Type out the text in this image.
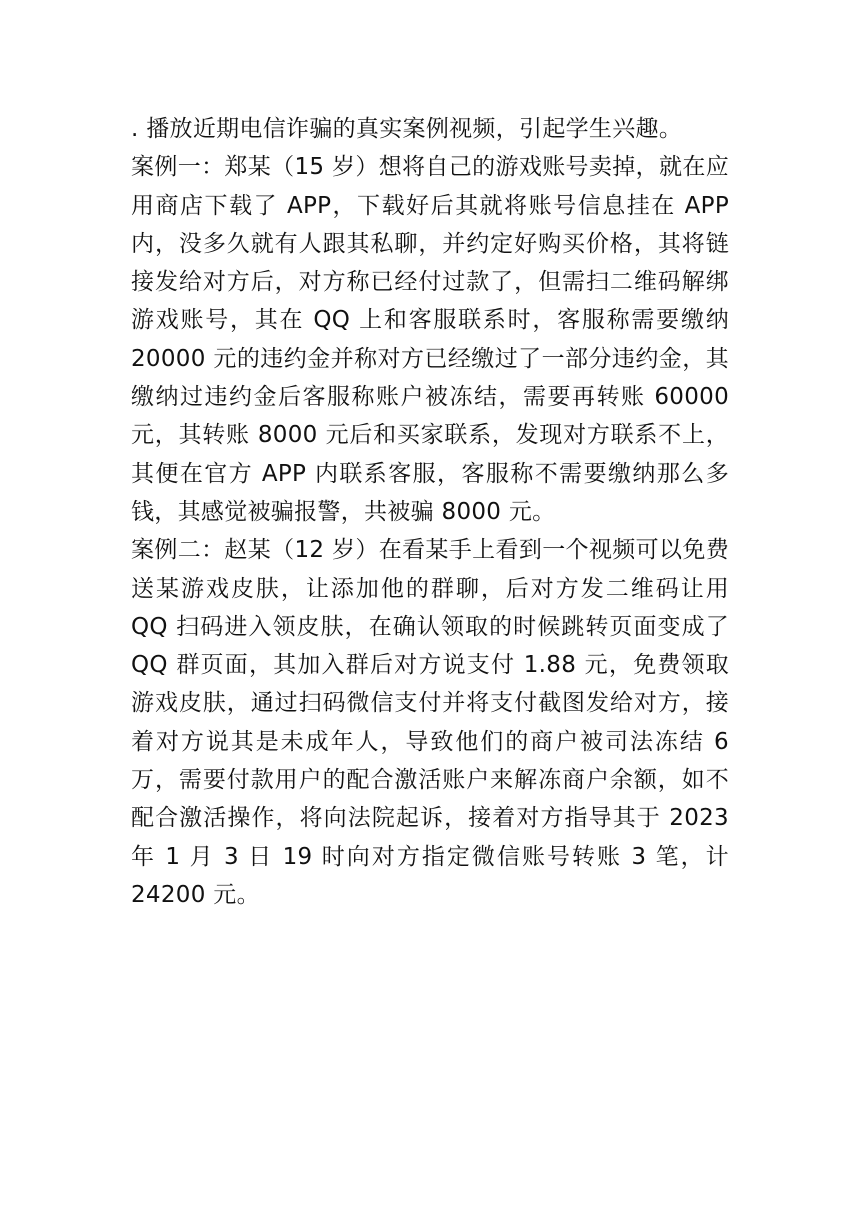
. 播放近期电信诈骗的真实案例视频，引起学生兴趣。

案例一：郑某（15 岁）想将自己的游戏账号卖掉，就在应用商店下载了 APP，下载好后其就将账号信息挂在 APP 内，没多久就有人跟其私聊，并约定好购买价格，其将链接发给对方后，对方称已经付过款了，但需扫二维码解绑游戏账号，其在 QQ 上和客服联系时，客服称需要缴纳 20000 元的违约金并称对方已经缴过了一部分违约金，其缴纳过违约金后客服称账户被冻结，需要再转账 60000 元，其转账 8000 元后和买家联系，发现对方联系不上，其便在官方 APP 内联系客服，客服称不需要缴纳那么多钱，其感觉被骗报警，共被骗 8000 元。

案例二：赵某（12 岁）在看某手上看到一个视频可以免费送某游戏皮肤，让添加他的群聊，后对方发二维码让用 QQ 扫码进入领皮肤，在确认领取的时候跳转页面变成了 QQ 群页面，其加入群后对方说支付 1.88 元，免费领取游戏皮肤，通过扫码微信支付并将支付截图发给对方，接着对方说其是未成年人，导致他们的商户被司法冻结 6 万，需要付款用户的配合激活账户来解冻商户余额，如不配合激活操作，将向法院起诉，接着对方指导其于 2023 年 1 月 3 日 19 时向对方指定微信账号转账 3 笔，计 24200 元。
